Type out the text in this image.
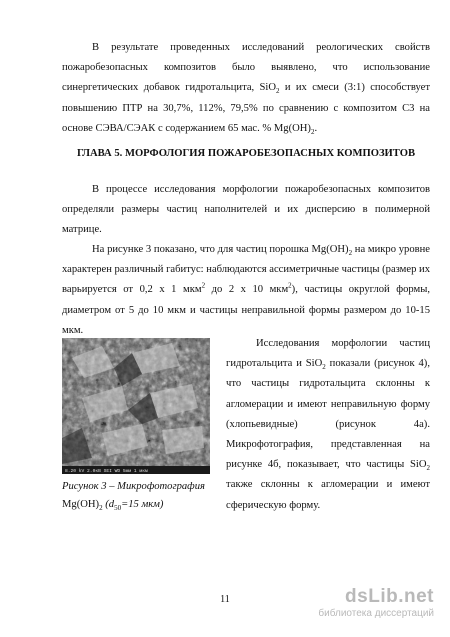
В результате проведенных исследований реологических свойств пожаробезопасных композитов было выявлено, что использование синергетических добавок гидротальцита, SiO$_2$ и их смеси (3:1) способствует повышению ПТР на 30,7%, 112%, 79,5% по сравнению с композитом С3 на основе СЭВА/СЭАК с содержанием 65 мас. % $Mg(OH)_2$.

ГЛАВА 5. МОРФОЛОГИЯ ПОЖАРОБЕЗОПАСНЫХ КОМПОЗИТОВ

В процессе исследования морфологии пожаробезопасных композитов определяли размеры частиц наполнителей и их дисперсию в полимерной матрице.

На рисунке 3 показано, что для частиц порошка $Mg(OH)_2$ на микро уровне характерен различный габитус: наблюдаются ассиметричные частицы (размер их варьируется от 0,2 х 1 мкм$^2$ до 2 х 10 мкм$^2$), частицы округлой формы, диаметром от 5 до 10 мкм и частицы неправильной формы размером до 10-15 мкм.

8.20 kV 2.0кВ SEI WD 5мм 1 мкм

Рисунок 3 – Микрофотография
$Mg(OH)_2$ ($d_{50}=15$ мкм)

Исследования морфологии частиц гидротальцита и SiO$_2$ показали (рисунок 4), что частицы гидротальцита склонны к агломерации и имеют неправильную форму (хлопьевидные) (рисунок 4а). Микрофотография, представленная на рисунке 4б, показывает, что частицы SiO$_2$ также склонны к агломерации и имеют сферическую форму.

11	dsLib.net
библиотека диссертаций
